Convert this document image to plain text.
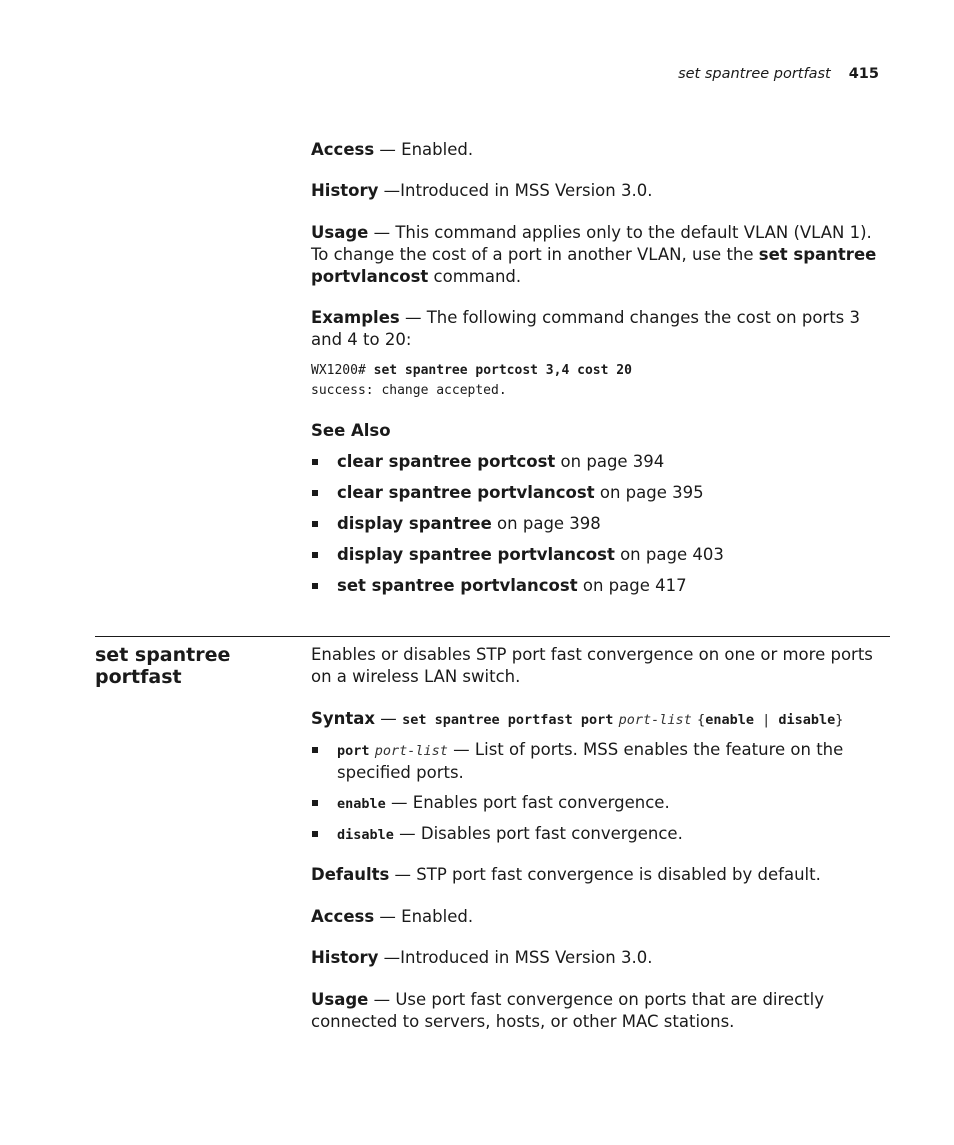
set spantree portfast 415
Access — Enabled.
History —Introduced in MSS Version 3.0.
Usage — This command applies only to the default VLAN (VLAN 1). To change the cost of a port in another VLAN, use the set spantree portvlancost command.
Examples — The following command changes the cost on ports 3 and 4 to 20:
WX1200# set spantree portcost 3,4 cost 20
success: change accepted.
See Also
clear spantree portcost on page 394
clear spantree portvlancost on page 395
display spantree on page 398
display spantree portvlancost on page 403
set spantree portvlancost on page 417
set spantree portfast
Enables or disables STP port fast convergence on one or more ports on a wireless LAN switch.
Syntax — set spantree portfast port port-list {enable | disable}
port port-list — List of ports. MSS enables the feature on the specified ports.
enable — Enables port fast convergence.
disable — Disables port fast convergence.
Defaults — STP port fast convergence is disabled by default.
Access — Enabled.
History —Introduced in MSS Version 3.0.
Usage — Use port fast convergence on ports that are directly connected to servers, hosts, or other MAC stations.
